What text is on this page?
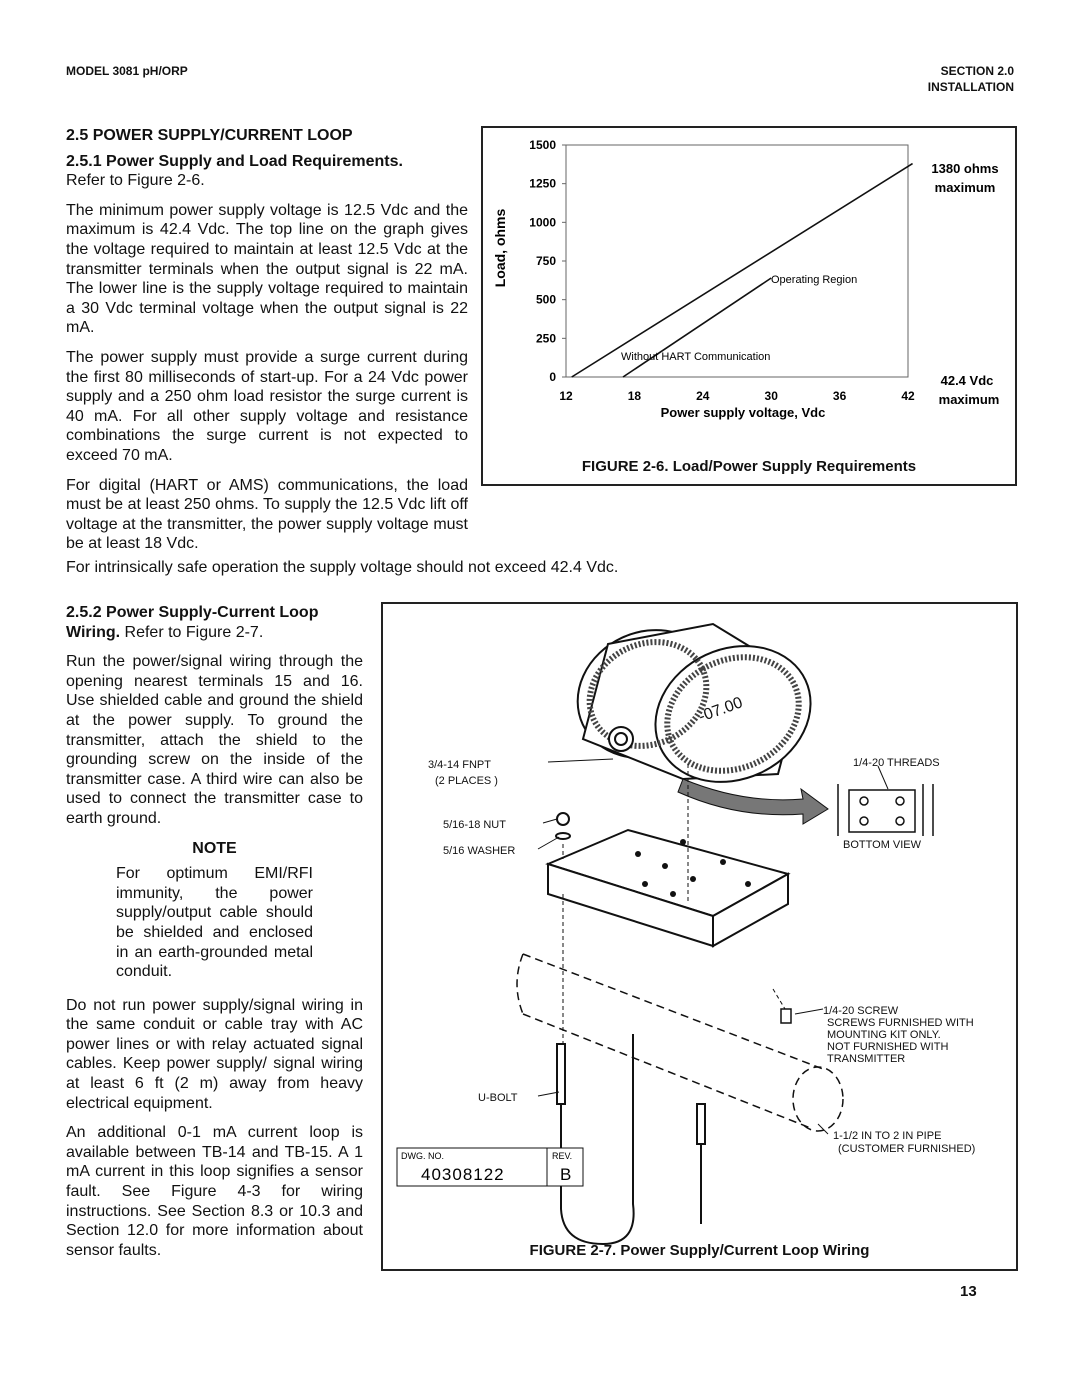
MODEL 3081 pH/ORP	SECTION 2.0
INSTALLATION
2.5 POWER SUPPLY/CURRENT LOOP

2.5.1 Power Supply and Load Requirements.
Refer to Figure 2-6.

The minimum power supply voltage is 12.5 Vdc and the maximum is 42.4 Vdc. The top line on the graph gives the voltage required to maintain at least 12.5 Vdc at the transmitter terminals when the output signal is 22 mA. The lower line is the supply voltage required to maintain a 30 Vdc terminal voltage when the output signal is 22 mA.

The power supply must provide a surge current during the first 80 milliseconds of start-up. For a 24 Vdc power supply and a 250 ohm load resistor the surge current is 40 mA. For all other supply voltage and resistance combinations the surge current is not expected to exceed 70 mA.

For digital (HART or AMS) communications, the load must be at least 250 ohms. To supply the 12.5 Vdc lift off voltage at the transmitter, the power supply voltage must be at least 18 Vdc.

For intrinsically safe operation the supply voltage should not exceed 42.4 Vdc.
Load, ohms
1500
1250
1000
750
500
250
0
12	18	24	30	36	42
Operating Region
Without HART Communication
1380 ohms
maximum
42.4 Vdc
maximum
Power supply voltage, Vdc
FIGURE 2-6. Load/Power Supply Requirements

2.5.2 Power Supply-Current Loop Wiring. Refer to Figure 2-7.

Run the power/signal wiring through the opening nearest terminals 15 and 16. Use shielded cable and ground the shield at the power supply. To ground the transmitter, attach the shield to the grounding screw on the inside of the transmitter case. A third wire can also be used to connect the transmitter case to earth ground.

NOTE
For optimum EMI/RFI immunity, the power supply/output cable should be shielded and enclosed in an earth-grounded metal conduit.

Do not run power supply/signal wiring in the same conduit or cable tray with AC power lines or with relay actuated signal cables. Keep power supply/ signal wiring at least 6 ft (2 m) away from heavy electrical equipment.

An additional 0-1 mA current loop is available between TB-14 and TB-15. A 1 mA current in this loop signifies a sensor fault. See Figure 4-3 for wiring instructions. See Section 8.3 or 10.3 and Section 12.0 for more information about sensor faults.

-07.00
3/4-14 FNPT
(2 PLACES )
1/4-20 THREADS
5/16-18 NUT
5/16 WASHER	BOTTOM VIEW
1/4-20 SCREW
SCREWS FURNISHED WITH
MOUNTING KIT ONLY.
NOT FURNISHED WITH
TRANSMITTER
U-BOLT
1-1/2 IN TO 2 IN PIPE
(CUSTOMER FURNISHED)
DWG. NO.
40308122
REV.
B
FIGURE 2-7. Power Supply/Current Loop Wiring
13
